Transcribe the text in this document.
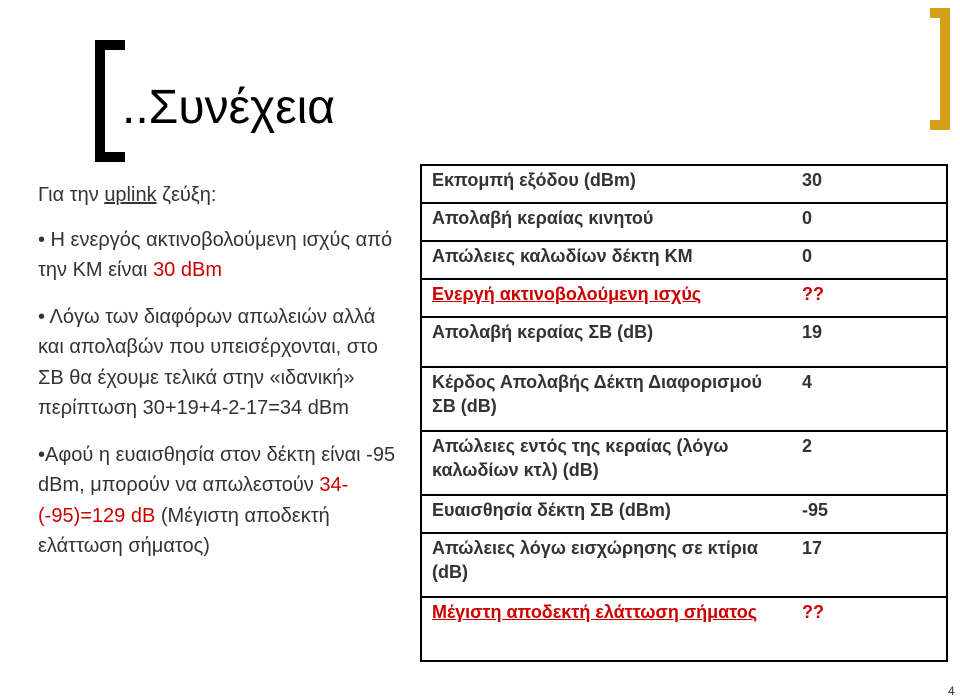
..Συνέχεια

Για την uplink ζεύξη:

• Η ενεργός ακτινοβολούμενη ισχύς από την ΚΜ είναι 30 dBm

• Λόγω των διαφόρων απωλειών αλλά και απολαβών που υπεισέρχονται, στο ΣΒ θα έχουμε τελικά στην «ιδανική» περίπτωση 30+19+4-2-17=34 dBm

•Αφού η ευαισθησία στον δέκτη είναι -95 dBm, μπορούν να απωλεστούν 34-(-95)=129 dB (Μέγιστη αποδεκτή ελάττωση σήματος)

Εκπομπή εξόδου (dBm)	30
Απολαβή κεραίας κινητού	0
Απώλειες καλωδίων δέκτη ΚΜ	0
Ενεργή ακτινοβολούμενη ισχύς	??
Απολαβή κεραίας ΣΒ (dB)	19
Κέρδος Απολαβής Δέκτη Διαφορισμού ΣΒ (dB)	4
Απώλειες εντός της κεραίας (λόγω καλωδίων κτλ) (dB)	2
Ευαισθησία δέκτη ΣΒ (dBm)	-95
Απώλειες λόγω εισχώρησης σε κτίρια (dB)	17
Μέγιστη αποδεκτή ελάττωση σήματος	??
4
